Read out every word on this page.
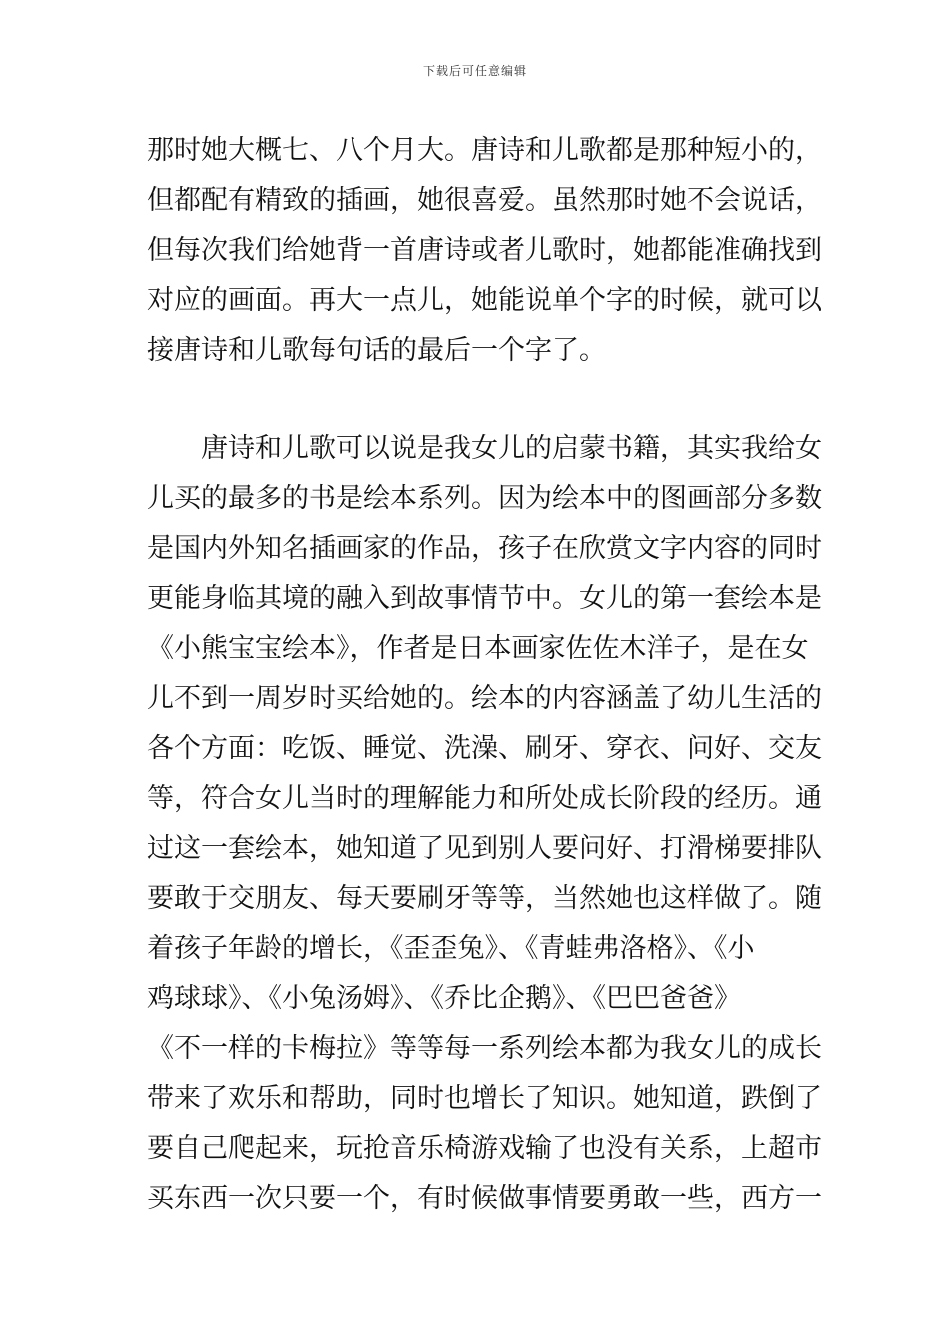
下载后可任意编辑
那时她大概七、八个月大。唐诗和儿歌都是那种短小的，
但都配有精致的插画，她很喜爱。虽然那时她不会说话，
但每次我们给她背一首唐诗或者儿歌时，她都能准确找到
对应的画面。再大一点儿，她能说单个字的时候，就可以
接唐诗和儿歌每句话的最后一个字了。
　唐诗和儿歌可以说是我女儿的启蒙书籍，其实我给女
儿买的最多的书是绘本系列。因为绘本中的图画部分多数
是国内外知名插画家的作品，孩子在欣赏文字内容的同时
更能身临其境的融入到故事情节中。女儿的第一套绘本是
《小熊宝宝绘本》，作者是日本画家佐佐木洋子，是在女
儿不到一周岁时买给她的。绘本的内容涵盖了幼儿生活的
各个方面：吃饭、睡觉、洗澡、刷牙、穿衣、问好、交友
等，符合女儿当时的理解能力和所处成长阶段的经历。通
过这一套绘本，她知道了见到别人要问好、打滑梯要排队
要敢于交朋友、每天要刷牙等等，当然她也这样做了。随
着孩子年龄的增长，《歪歪兔》、《青蛙弗洛格》、《小
鸡球球》、《小兔汤姆》、《乔比企鹅》、《巴巴爸爸》
《不一样的卡梅拉》等等每一系列绘本都为我女儿的成长
带来了欢乐和帮助，同时也增长了知识。她知道，跌倒了
要自己爬起来，玩抢音乐椅游戏输了也没有关系，上超市
买东西一次只要一个，有时候做事情要勇敢一些，西方一
